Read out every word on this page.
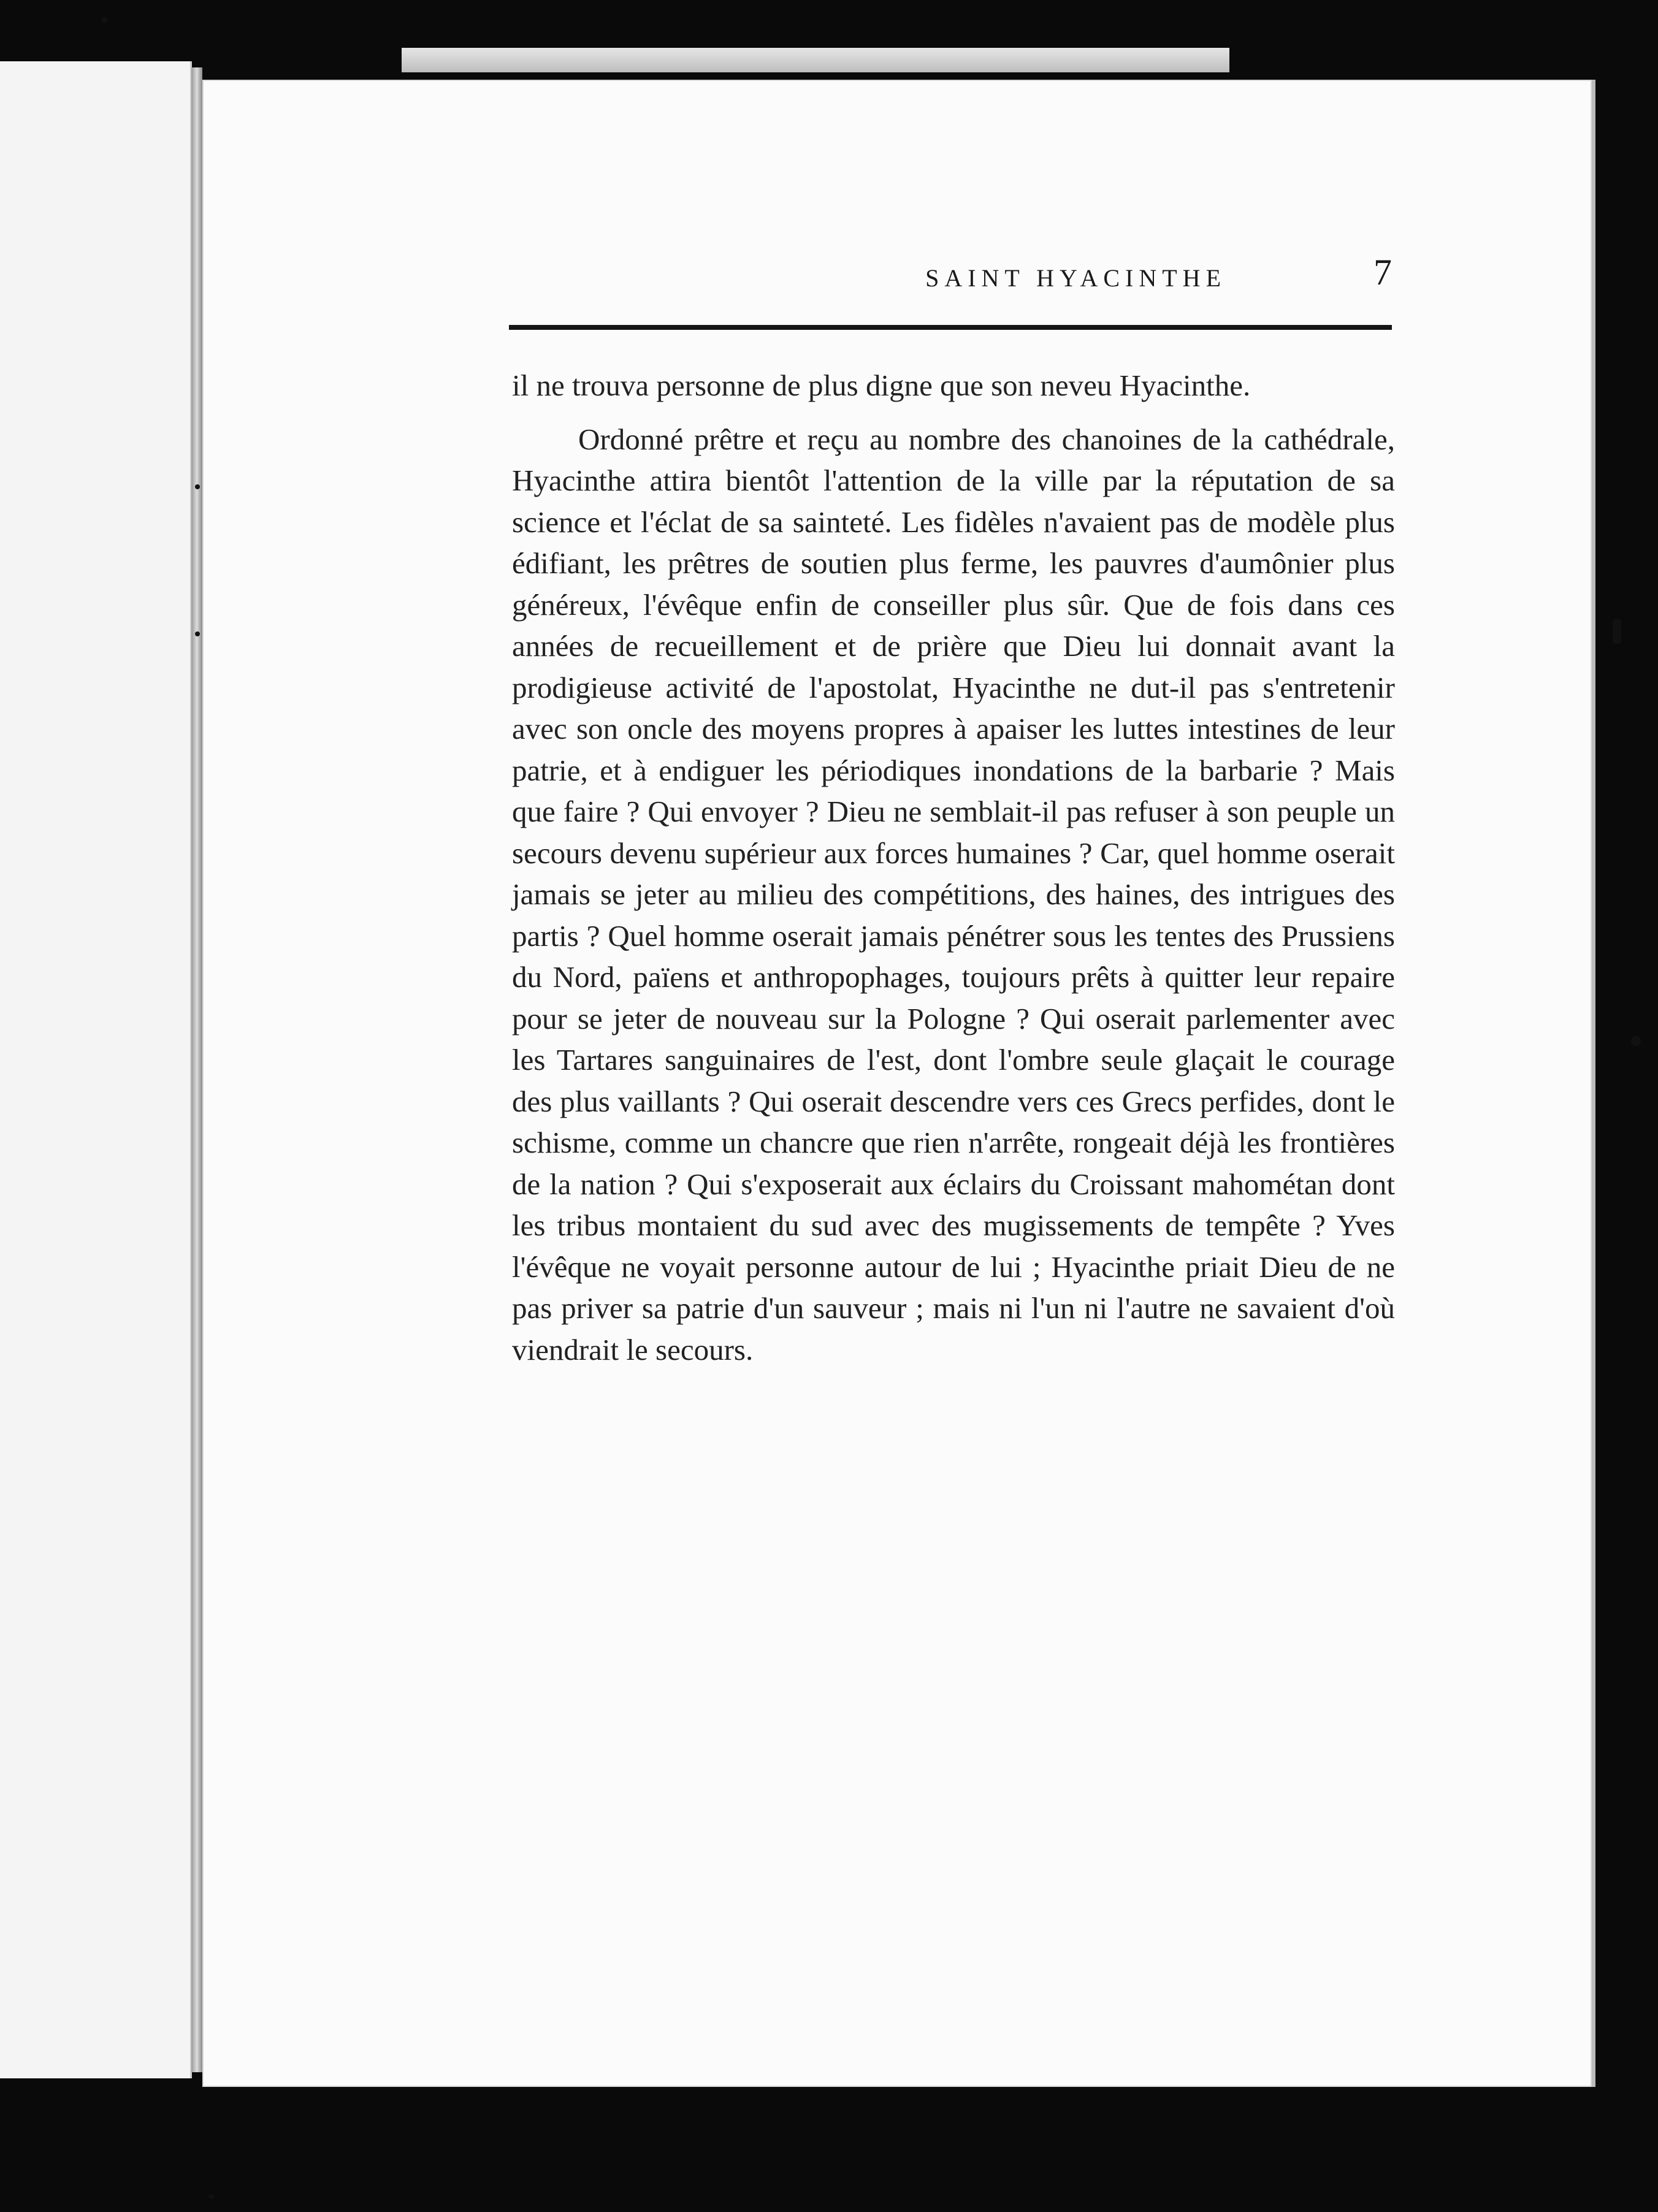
SAINT HYACINTHE	7

il ne trouva personne de plus digne que son neveu Hyacinthe.

Ordonné prêtre et reçu au nombre des chanoines de la cathédrale, Hyacinthe attira bientôt l'attention de la ville par la réputation de sa science et l'éclat de sa sainteté. Les fidèles n'avaient pas de modèle plus édifiant, les prêtres de soutien plus ferme, les pauvres d'aumônier plus généreux, l'évêque enfin de conseiller plus sûr. Que de fois dans ces années de recueillement et de prière que Dieu lui donnait avant la prodigieuse activité de l'apostolat, Hyacinthe ne dut-il pas s'entretenir avec son oncle des moyens propres à apaiser les luttes intestines de leur patrie, et à endiguer les périodiques inondations de la barbarie ? Mais que faire ? Qui envoyer ? Dieu ne semblait-il pas refuser à son peuple un secours devenu supérieur aux forces humaines ? Car, quel homme oserait jamais se jeter au milieu des compétitions, des haines, des intrigues des partis ? Quel homme oserait jamais pénétrer sous les tentes des Prussiens du Nord, païens et anthropophages, toujours prêts à quitter leur repaire pour se jeter de nouveau sur la Pologne ? Qui oserait parlementer avec les Tartares sanguinaires de l'est, dont l'ombre seule glaçait le courage des plus vaillants ? Qui oserait descendre vers ces Grecs perfides, dont le schisme, comme un chancre que rien n'arrête, rongeait déjà les frontières de la nation ? Qui s'exposerait aux éclairs du Croissant mahométan dont les tribus montaient du sud avec des mugissements de tempête ? Yves l'évêque ne voyait personne autour de lui ; Hyacinthe priait Dieu de ne pas priver sa patrie d'un sauveur ; mais ni l'un ni l'autre ne savaient d'où viendrait le secours.
